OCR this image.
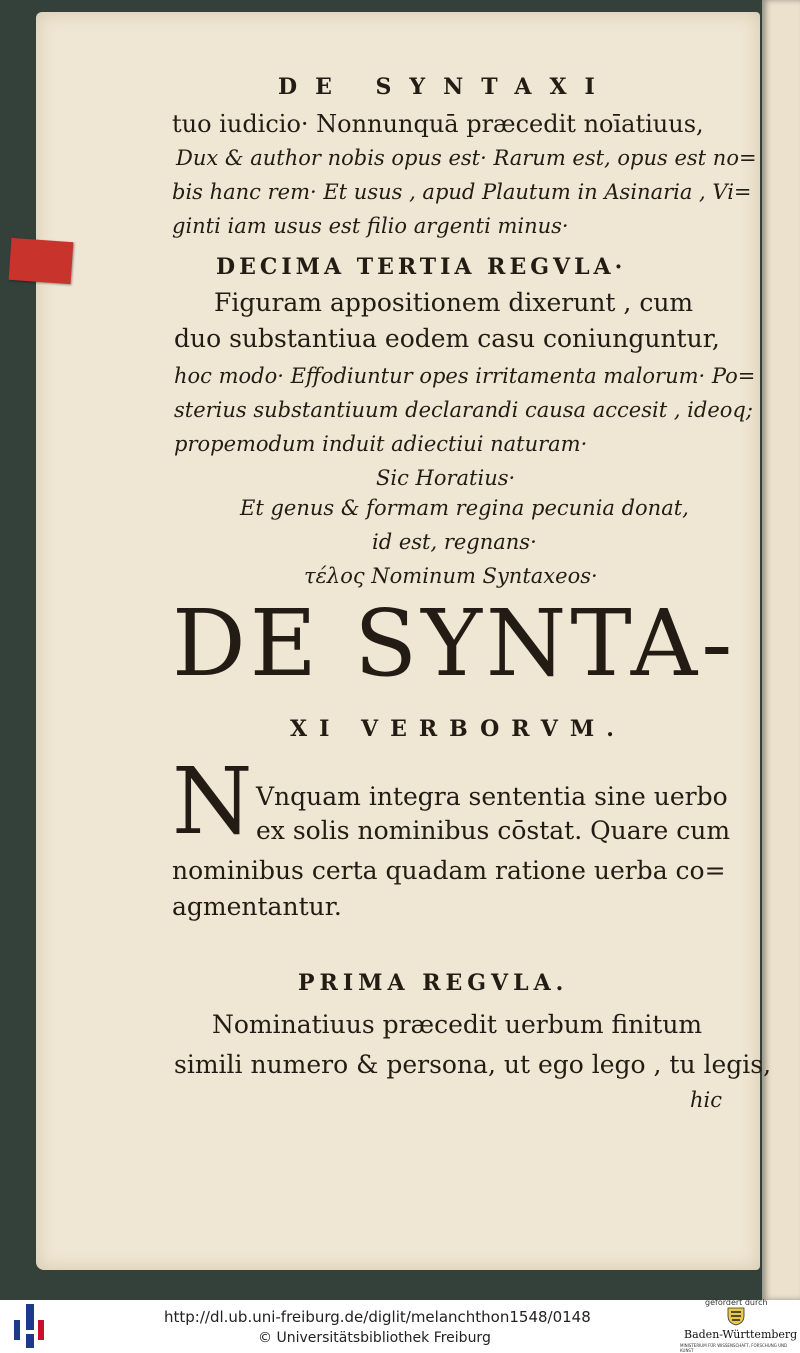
DE SYNTAXI
tuo iudicio· Nonnunquā præcedit noīatiuus,
Dux & author nobis opus est· Rarum est, opus est no=
bis hanc rem· Et usus , apud Plautum in Asinaria , Vi=
ginti iam usus est filio argenti minus·
DECIMA TERTIA REGVLA·
Figuram appositionem dixerunt , cum
duo substantiua eodem casu coniunguntur,
hoc modo· Effodiuntur opes irritamenta malorum· Po=
sterius substantiuum declarandi causa accesit , ideoq;
propemodum induit adiectiui naturam·
Sic Horatius·
Et genus & formam regina pecunia donat,
id est, regnans·
τέλος Nominum Syntaxeos·
DE SYNTA-
XI VERBORVM.
N Vnquam integra sententia sine uerbo
ex solis nominibus cōstat. Quare cum
nominibus certa quadam ratione uerba co=
agmentantur.
PRIMA REGVLA.
Nominatiuus præcedit uerbum finitum
simili numero & persona, ut ego lego , tu legis,
hic
http://dl.ub.uni-freiburg.de/diglit/melanchthon1548/0148
© Universitätsbibliothek Freiburg
gefördert durch
Baden-Württemberg
MINISTERIUM FÜR WISSENSCHAFT, FORSCHUNG UND KUNST
